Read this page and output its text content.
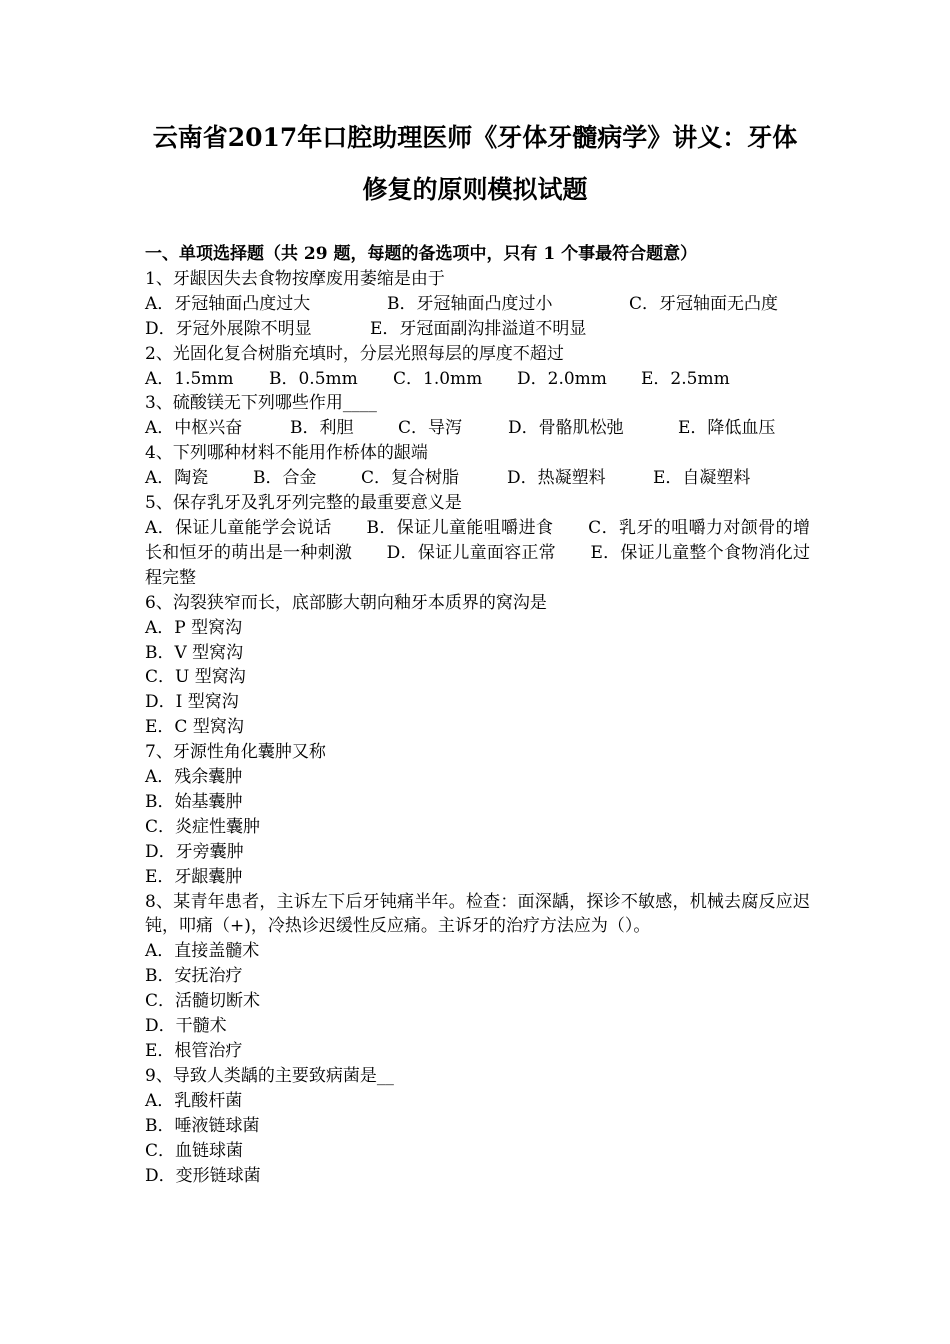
云南省2017年口腔助理医师《牙体牙髓病学》讲义：牙体
修复的原则模拟试题
一、单项选择题（共 29 题，每题的备选项中，只有 1 个事最符合题意）
1、牙龈因失去食物按摩废用萎缩是由于
A．牙冠轴面凸度过大	B．牙冠轴面凸度过小	C．牙冠轴面无凸度
D．牙冠外展隙不明显	E．牙冠面副沟排溢道不明显
2、光固化复合树脂充填时，分层光照每层的厚度不超过
A．1.5mm B．0.5mm C．1.0mm D．2.0mm E．2.5mm
3、硫酸镁无下列哪些作用____
A．中枢兴奋	B．利胆	C．导泻	D．骨骼肌松弛	E．降低血压
4、下列哪种材料不能用作桥体的龈端
A．陶瓷	B．合金	C．复合树脂	D．热凝塑料	E．自凝塑料
5、保存乳牙及乳牙列完整的最重要意义是
A．保证儿童能学会说话　　B．保证儿童能咀嚼进食　　C．乳牙的咀嚼力对颌骨的增长和恒牙的萌出是一种刺激　　D．保证儿童面容正常　　E．保证儿童整个食物消化过程完整
6、沟裂狭窄而长，底部膨大朝向釉牙本质界的窝沟是
A．P 型窝沟
B．V 型窝沟
C．U 型窝沟
D．I 型窝沟
E．C 型窝沟
7、牙源性角化囊肿又称
A．残余囊肿
B．始基囊肿
C．炎症性囊肿
D．牙旁囊肿
E．牙龈囊肿
8、某青年患者，主诉左下后牙钝痛半年。检查：面深龋，探诊不敏感，机械去腐反应迟钝，叩痛（+)，冷热诊迟缓性反应痛。主诉牙的治疗方法应为（）。
A．直接盖髓术
B．安抚治疗
C．活髓切断术
D．干髓术
E．根管治疗
9、导致人类龋的主要致病菌是__
A．乳酸杆菌
B．唾液链球菌
C．血链球菌
D．变形链球菌
